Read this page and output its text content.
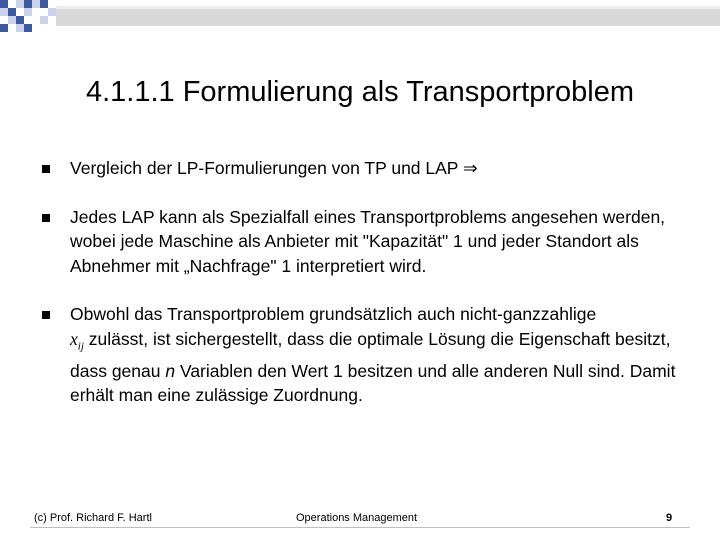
4.1.1.1 Formulierung als Transportproblem
Vergleich der LP-Formulierungen von TP und LAP ⇒
Jedes LAP kann als Spezialfall eines Transportproblems angesehen werden, wobei jede Maschine als Anbieter mit "Kapazität" 1 und jeder Standort als Abnehmer mit „Nachfrage" 1 interpretiert wird.
Obwohl das Transportproblem grundsätzlich auch nicht-ganzzahlige
$x_{ij}$ zulässt, ist sichergestellt, dass die optimale Lösung die Eigenschaft besitzt, dass genau n Variablen den Wert 1 besitzen und alle anderen Null sind. Damit erhält man eine zulässige Zuordnung.
(c) Prof. Richard F. Hartl	Operations Management	9
